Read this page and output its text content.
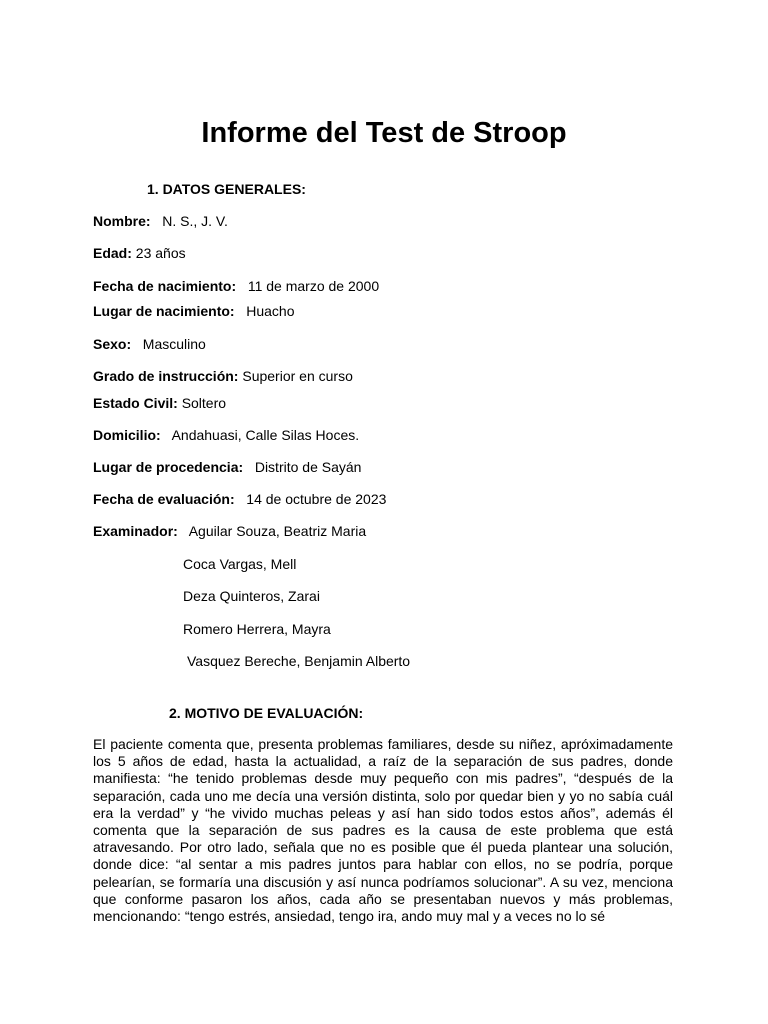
Informe del Test de Stroop
1. DATOS GENERALES:
Nombre: N. S., J. V.
Edad: 23 años
Fecha de nacimiento: 11 de marzo de 2000
Lugar de nacimiento: Huacho
Sexo: Masculino
Grado de instrucción: Superior en curso
Estado Civil: Soltero
Domicilio: Andahuasi, Calle Silas Hoces.
Lugar de procedencia: Distrito de Sayán
Fecha de evaluación: 14 de octubre de 2023
Examinador: Aguilar Souza, Beatriz Maria
Coca Vargas, Mell
Deza Quinteros, Zarai
Romero Herrera, Mayra
Vasquez Bereche, Benjamin Alberto
2. MOTIVO DE EVALUACIÓN:

El paciente comenta que, presenta problemas familiares, desde su niñez, apróximadamente los 5 años de edad, hasta la actualidad, a raíz de la separación de sus padres, donde manifiesta: “he tenido problemas desde muy pequeño con mis padres”, “después de la separación, cada uno me decía una versión distinta, solo por quedar bien y yo no sabía cuál era la verdad” y “he vivido muchas peleas y así han sido todos estos años”, además él comenta que la separación de sus padres es la causa de este problema que está atravesando. Por otro lado, señala que no es posible que él pueda plantear una solución, donde dice: “al sentar a mis padres juntos para hablar con ellos, no se podría, porque pelearían, se formaría una discusión y así nunca podríamos solucionar”. A su vez, menciona que conforme pasaron los años, cada año se presentaban nuevos y más problemas, mencionando: “tengo estrés, ansiedad, tengo ira, ando muy mal y a veces no lo sé
